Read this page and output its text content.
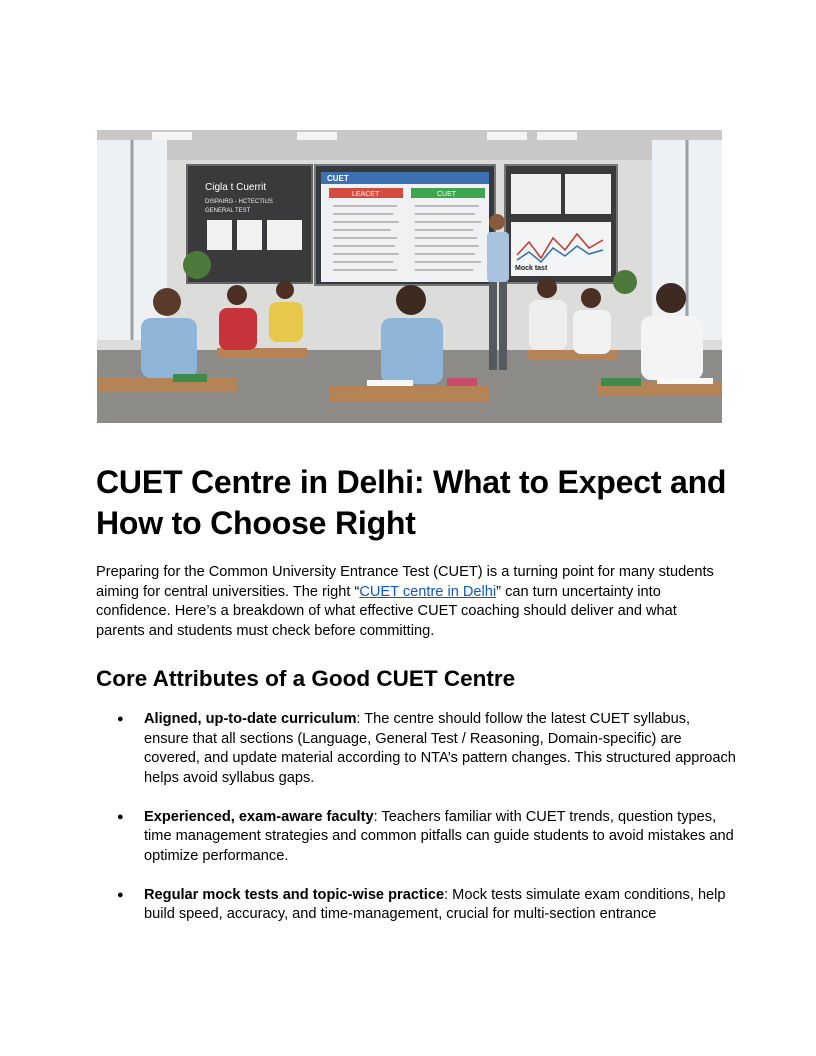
Cigla t Cuerrit
DISPAIRG - HCTECTIUS
GENERAL TEST
CUET
LEACET	CUET
Mock tast
CUET Centre in Delhi: What to Expect and How to Choose Right

Preparing for the Common University Entrance Test (CUET) is a turning point for many students aiming for central universities. The right “CUET centre in Delhi” can turn uncertainty into confidence. Here’s a breakdown of what effective CUET coaching should deliver and what parents and students must check before committing.

Core Attributes of a Good CUET Centre
● Aligned, up-to-date curriculum: The centre should follow the latest CUET syllabus, ensure that all sections (Language, General Test / Reasoning, Domain-specific) are covered, and update material according to NTA’s pattern changes. This structured approach helps avoid syllabus gaps.
● Experienced, exam-aware faculty: Teachers familiar with CUET trends, question types, time management strategies and common pitfalls can guide students to avoid mistakes and optimize performance.
● Regular mock tests and topic-wise practice: Mock tests simulate exam conditions, help build speed, accuracy, and time-management, crucial for multi-section entrance
